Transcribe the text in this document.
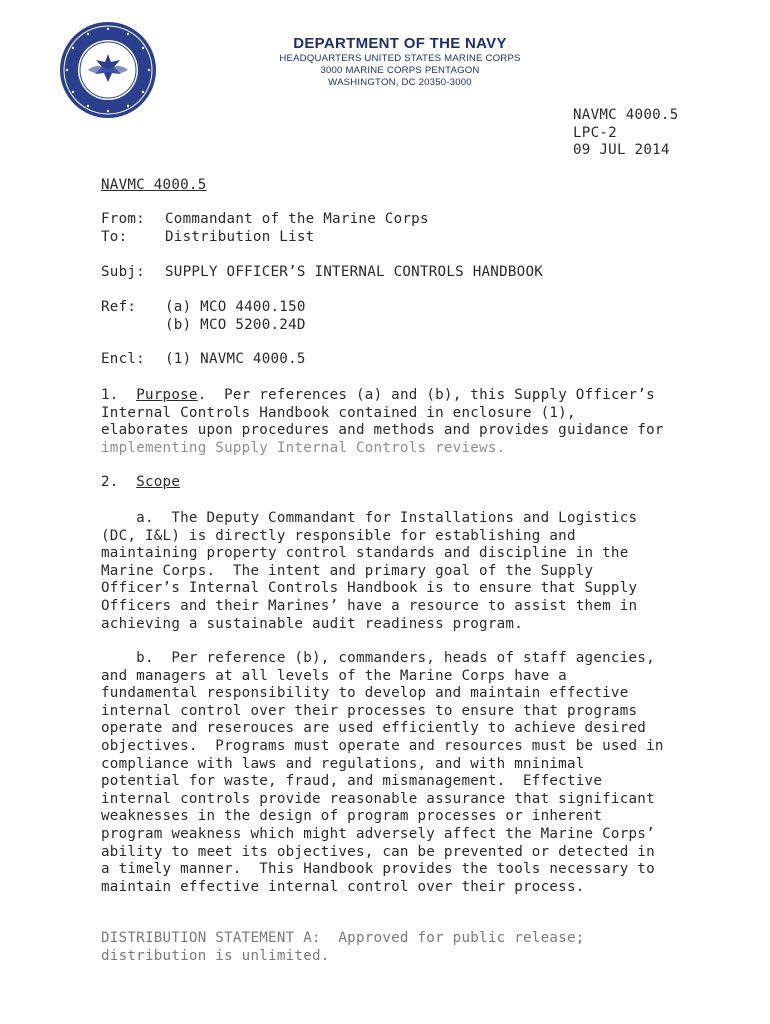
DEPARTMENT OF THE NAVY
HEADQUARTERS UNITED STATES MARINE CORPS
3000 MARINE CORPS PENTAGON
WASHINGTON, DC 20350-3000
NAVMC 4000.5
LPC-2
09 JUL 2014
NAVMC 4000.5
From: Commandant of the Marine Corps
To:	Distribution List
Subj: SUPPLY OFFICER’S INTERNAL CONTROLS HANDBOOK
Ref: (a) MCO 4400.150
(b) MCO 5200.24D
Encl: (1) NAVMC 4000.5
1. Purpose.  Per references (a) and (b), this Supply Officer’s
Internal Controls Handbook contained in enclosure (1),
elaborates upon procedures and methods and provides guidance for
implementing Supply Internal Controls reviews.
2. Scope
a.  The Deputy Commandant for Installations and Logistics
(DC, I&L) is directly responsible for establishing and
maintaining property control standards and discipline in the
Marine Corps.  The intent and primary goal of the Supply
Officer’s Internal Controls Handbook is to ensure that Supply
Officers and their Marines’ have a resource to assist them in
achieving a sustainable audit readiness program.
b.  Per reference (b), commanders, heads of staff agencies,
and managers at all levels of the Marine Corps have a
fundamental responsibility to develop and maintain effective
internal control over their processes to ensure that programs
operate and reserouces are used efficiently to achieve desired
objectives.  Programs must operate and resources must be used in
compliance with laws and regulations, and with mninimal
potential for waste, fraud, and mismanagement.  Effective
internal controls provide reasonable assurance that significant
weaknesses in the design of program processes or inherent
program weakness which might adversely affect the Marine Corps’
ability to meet its objectives, can be prevented or detected in
a timely manner.  This Handbook provides the tools necessary to
maintain effective internal control over their process.
DISTRIBUTION STATEMENT A:  Approved for public release;
distribution is unlimited.
